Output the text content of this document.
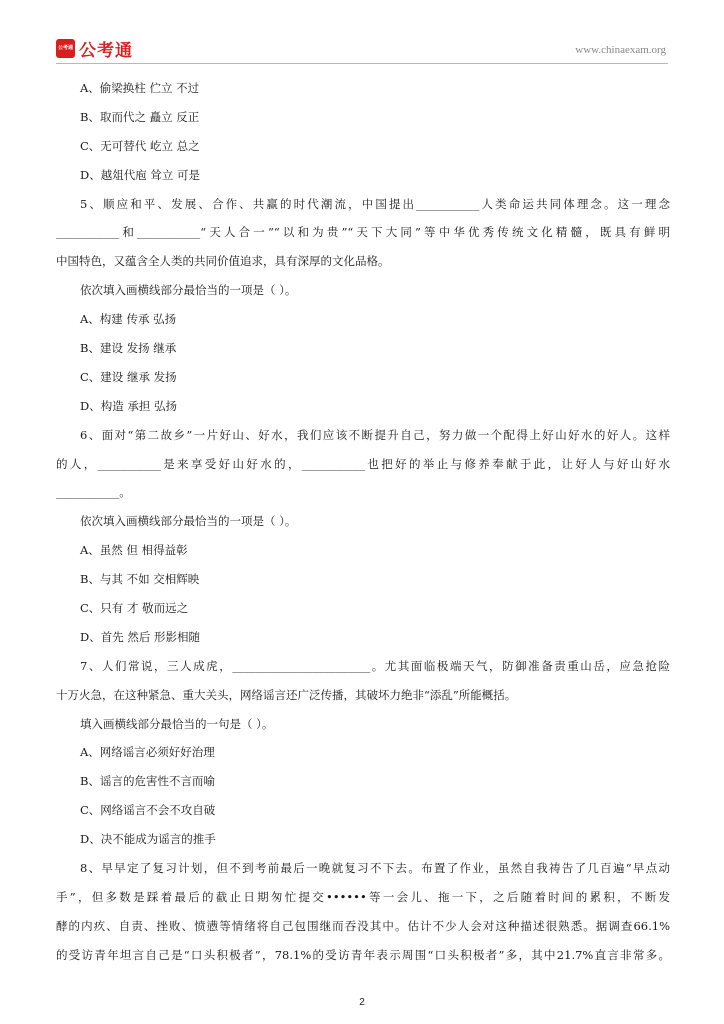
公考通 公考通	www.chinaexam.org
A、偷梁换柱 伫立 不过
B、取而代之 矗立 反正
C、无可替代 屹立 总之
D、越俎代庖 耸立 可是
5、顺应和平、发展、合作、共赢的时代潮流，中国提出___________人类命运共同体理念。这一理念
___________和___________“天人合一”“以和为贵”“天下大同”等中华优秀传统文化精髓，既具有鲜明
中国特色，又蕴含全人类的共同价值追求，具有深厚的文化品格。
依次填入画横线部分最恰当的一项是（ ）。
A、构建 传承 弘扬
B、建设 发扬 继承
C、建设 继承 发扬
D、构造 承担 弘扬
6、面对“第二故乡”一片好山、好水，我们应该不断提升自己，努力做一个配得上好山好水的好人。这样
的人，___________是来享受好山好水的，___________也把好的举止与修养奉献于此，让好人与好山好水
___________。
依次填入画横线部分最恰当的一项是（ ）。
A、虽然 但 相得益彰
B、与其 不如 交相辉映
C、只有 才 敬而远之
D、首先 然后 形影相随
7、人们常说，三人成虎，________________________。尤其面临极端天气，防御准备责重山岳，应急抢险
十万火急，在这种紧急、重大关头，网络谣言还广泛传播，其破坏力绝非“添乱”所能概括。
填入画横线部分最恰当的一句是（ ）。
A、网络谣言必须好好治理
B、谣言的危害性不言而喻
C、网络谣言不会不攻自破
D、决不能成为谣言的推手
8、早早定了复习计划，但不到考前最后一晚就复习不下去。布置了作业，虽然自我祷告了几百遍“早点动
手”，但多数是踩着最后的截止日期匆忙提交••••••等一会儿、拖一下，之后随着时间的累积，不断发
酵的内疚、自责、挫败、愤懑等情绪将自己包围继而吞没其中。估计不少人会对这种描述很熟悉。据调查66.1%
的受访青年坦言自己是“口头积极者”，78.1%的受访青年表示周围“口头积极者”多，其中21.7%直言非常多。
2
